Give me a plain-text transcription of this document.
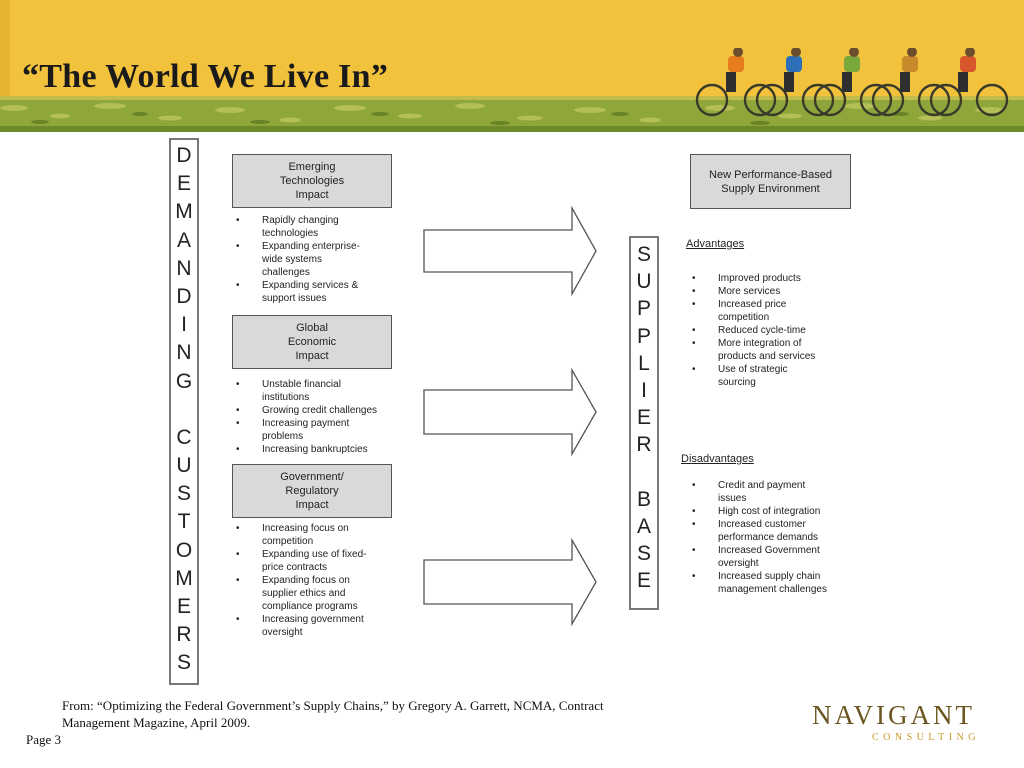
“The World We Live In”
D
E
M
A
N
D
I
N
G

C
U
S
T
O
M
E
R
S
Emerging
Technologies
Impact
• Rapidly changing
technologies
• Expanding enterprise-
wide systems
challenges
• Expanding services &
support issues
Global
Economic
Impact
• Unstable financial
institutions
• Growing credit challenges
• Increasing payment
problems
• Increasing bankruptcies
Government/
Regulatory
Impact
• Increasing focus on
competition
• Expanding use of fixed-
price contracts
• Expanding focus on
supplier ethics and
compliance programs
• Increasing government
oversight
S
U
P
P
L
I
E
R

B
A
S
E
New Performance-Based
Supply Environment
Advantages
• Improved products
• More services
• Increased price
competition
• Reduced cycle-time
• More integration of
products and services
• Use of strategic
sourcing
Disadvantages
• Credit and payment
issues
• High cost of integration
• Increased customer
performance demands
• Increased Government
oversight
• Increased supply chain
management challenges
From: “Optimizing the Federal Government’s Supply Chains,” by Gregory A. Garrett, NCMA, Contract
Management Magazine, April 2009.
Page 3
NAVIGANT
CONSULTING
